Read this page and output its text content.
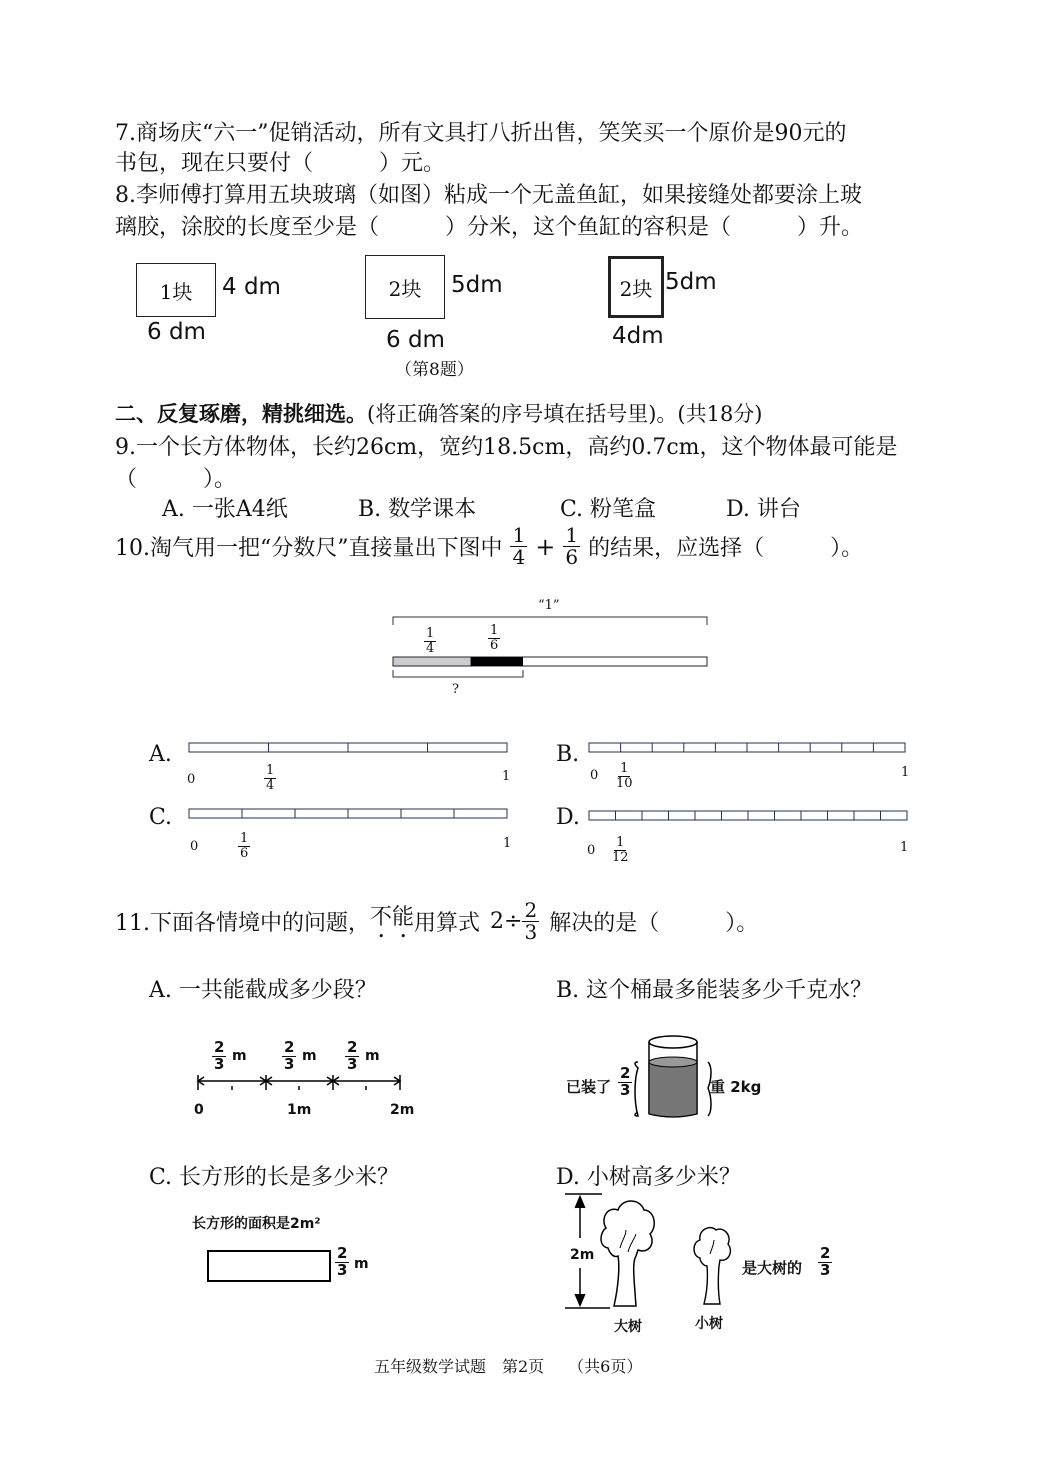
7.商场庆“六一”促销活动，所有文具打八折出售，笑笑买一个原价是90元的
书包，现在只要付（　　　）元。
8.李师傅打算用五块玻璃（如图）粘成一个无盖鱼缸，如果接缝处都要涂上玻
璃胶，涂胶的长度至少是（　　　）分米，这个鱼缸的容积是（　　　）升。
1块 4 dm
6 dm
2块 5dm
6 dm
2块 5dm
4dm
（第8题）
二、反复琢磨，精挑细选。(将正确答案的序号填在括号里)。(共18分)
9.一个长方体物体，长约26cm，宽约18.5cm，高约0.7cm，这个物体最可能是
（　　　）。
A. 一张A4纸	B. 数学课本	C. 粉笔盒	D. 讲台
10.淘气用一把“分数尺”直接量出下图中 $\frac{1}{4} + \frac{1}{6}$ 的结果，应选择（　　　）。
“1”
$\frac{1}{4}$	$\frac{1}{6}$
?
A.	B.
C.	D.
0	$\frac{1}{4}$	1	$0 \frac{1}{10}$	1
0	$\frac{1}{6}$	1	$0 \frac{1}{12}$	1
11.下面各情境中的问题， 不能 用算式 $2\div \frac{2}{3}$ 解决的是（　　　）。
A. 一共能截成多少段？
$\frac{2}{3}$ m $\frac{2}{3}$ m $\frac{2}{3}$ m
0	1m	2m
B. 这个桶最多能装多少千克水？
已装了 $\frac{2}{3}$	重 2kg
C. 长方形的长是多少米？
长方形的面积是2m²
$\frac{2}{3}$ m
D. 小树高多少米？
2m
大树	小树
是大树的 $\frac{2}{3}$
五年级数学试题　第2页　　（共6页）
